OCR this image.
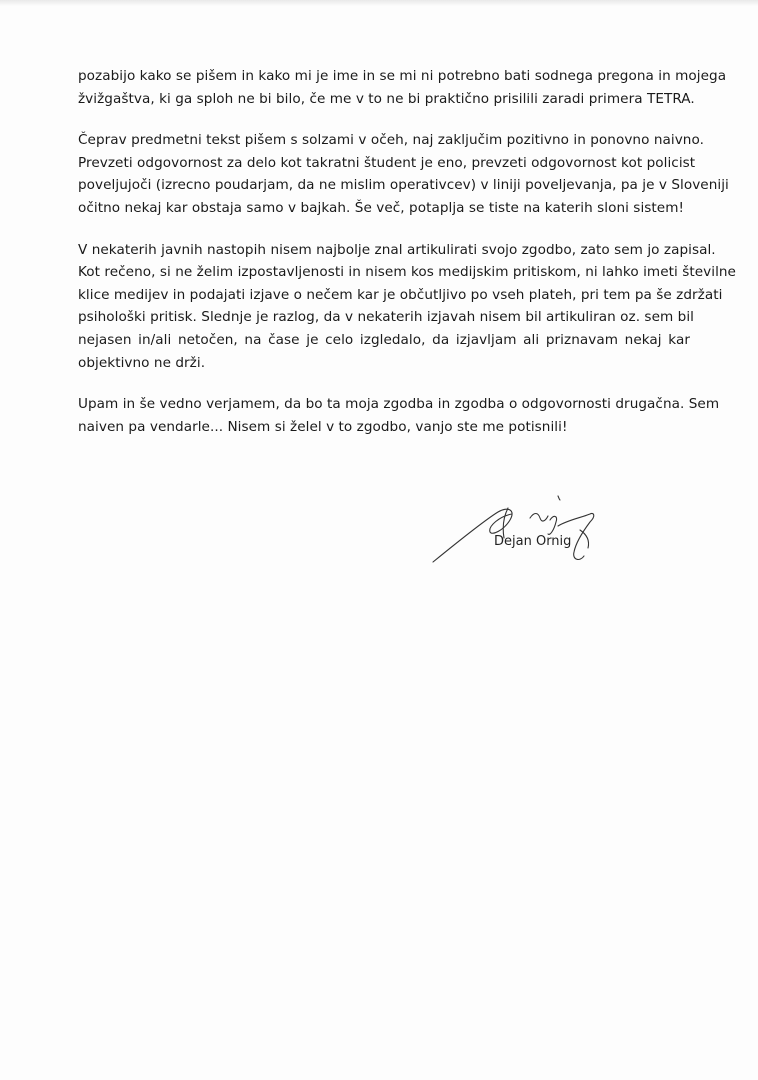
pozabijo kako se pišem in kako mi je ime in se mi ni potrebno bati sodnega pregona in mojega
žvižgaštva, ki ga sploh ne bi bilo, če me v to ne bi praktično prisilili zaradi primera TETRA.
Čeprav predmetni tekst pišem s solzami v očeh, naj zaključim pozitivno in ponovno naivno.
Prevzeti odgovornost za delo kot takratni študent je eno, prevzeti odgovornost kot policist
poveljujoči (izrecno poudarjam, da ne mislim operativcev) v liniji poveljevanja, pa je v Sloveniji
očitno nekaj kar obstaja samo v bajkah. Še več, potaplja se tiste na katerih sloni sistem!
V nekaterih javnih nastopih nisem najbolje znal artikulirati svojo zgodbo, zato sem jo zapisal.
Kot rečeno, si ne želim izpostavljenosti in nisem kos medijskim pritiskom, ni lahko imeti številne
klice medijev in podajati izjave o nečem kar je občutljivo po vseh plateh, pri tem pa še zdržati
psihološki pritisk. Slednje je razlog, da v nekaterih izjavah nisem bil artikuliran oz. sem bil
nejasen in/ali netočen, na čase je celo izgledalo, da izjavljam ali priznavam nekaj kar
objektivno ne drži.
Upam in še vedno verjamem, da bo ta moja zgodba in zgodba o odgovornosti drugačna. Sem
naiven pa vendarle... Nisem si želel v to zgodbo, vanjo ste me potisnili!
Dejan Ornig
